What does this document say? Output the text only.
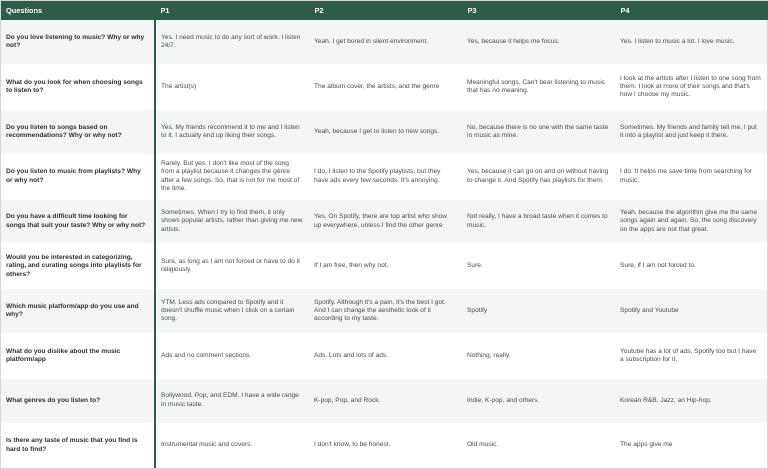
Questions	P1	P2	P3	P4
Do you love listening to music? Why or why not?	Yes. I need music to do any sort of work. I listen 24/7.	Yeah. I get bored in silent environment.	Yes, because it helps me focus.	Yes. I listen to music a lot. I love music.
What do you look for when choosing songs to listen to?	The artist(s)	The album cover, the artists, and the genre	Meaningful songs. Can't bear listening to music that has no meaning.	I look at the artists after I listen to one song from them. I look at more of their songs and that's how I choose my music.
Do you listen to songs based on recommendations? Why or why not?	Yes. My friends recommend it to me and I listen to it. I actually end up liking their songs.	Yeah, because I get to listen to new songs.	No, because there is no one with the same taste in music as mine.	Sometimes. My friends and family tell me, I put it into a playlist and just keep it there.
Do you listen to music from playlists? Why or why not?	Rarely. But yes. I don't like most of the song from a playlist because it changes the genre after a few songs. So, that is not for me most of the time.	I do. I listen to the Spotify playlists, but they have ads every few seconds. It's annoying.	Yes, because it can go on and on without having to change it. And Spotify has playlists for them.	I do. It helps me save time from searching for music.
Do you have a difficult time looking for songs that suit your taste? Why or why not?	Sometimes. When I try to find them, it only shows popular artists, rather than giving me new artists.	Yes. On Spotify, there are top artist who show up everywhere, unless I find the other genre	Not really, I have a broad taste when it comes to music.	Yeah, because the algorithm give me the same songs again and again. So, the song discovery on the apps are not that great.
Would you be interested in categorizing, rating, and curating songs into playlists for others?	Sure, as long as I am not forced or have to do it religiously.	If I am free, then why not.	Sure.	Sure, if I am not forced to.
Which music platform/app do you use and why?	YTM. Less ads compared to Spotify and it doesn't shuffle music when I click on a certain song.	Spotify. Although it's a pain, it's the best I got. And I can change the aesthetic look of it according to my taste.	Spotify	Spotify and Youtube
What do you dislike about the music platform/app	Ads and no comment sections.	Ads. Lots and lots of ads.	Nothing, really.	Youtube has a lot of ads, Spotify too but I have a subscription for it.
What genres do you listen to?	Bollywood, Pop, and EDM. I have a wide range in music taste.	K-pop, Pop, and Rock.	Indie, K-pop, and others.	Korean R&B, Jazz, an Hip-hop.
Is there any taste of music that you find is hard to find?	Instrumental music and covers.	I don't know, to be honest.	Old music.	The apps give me
